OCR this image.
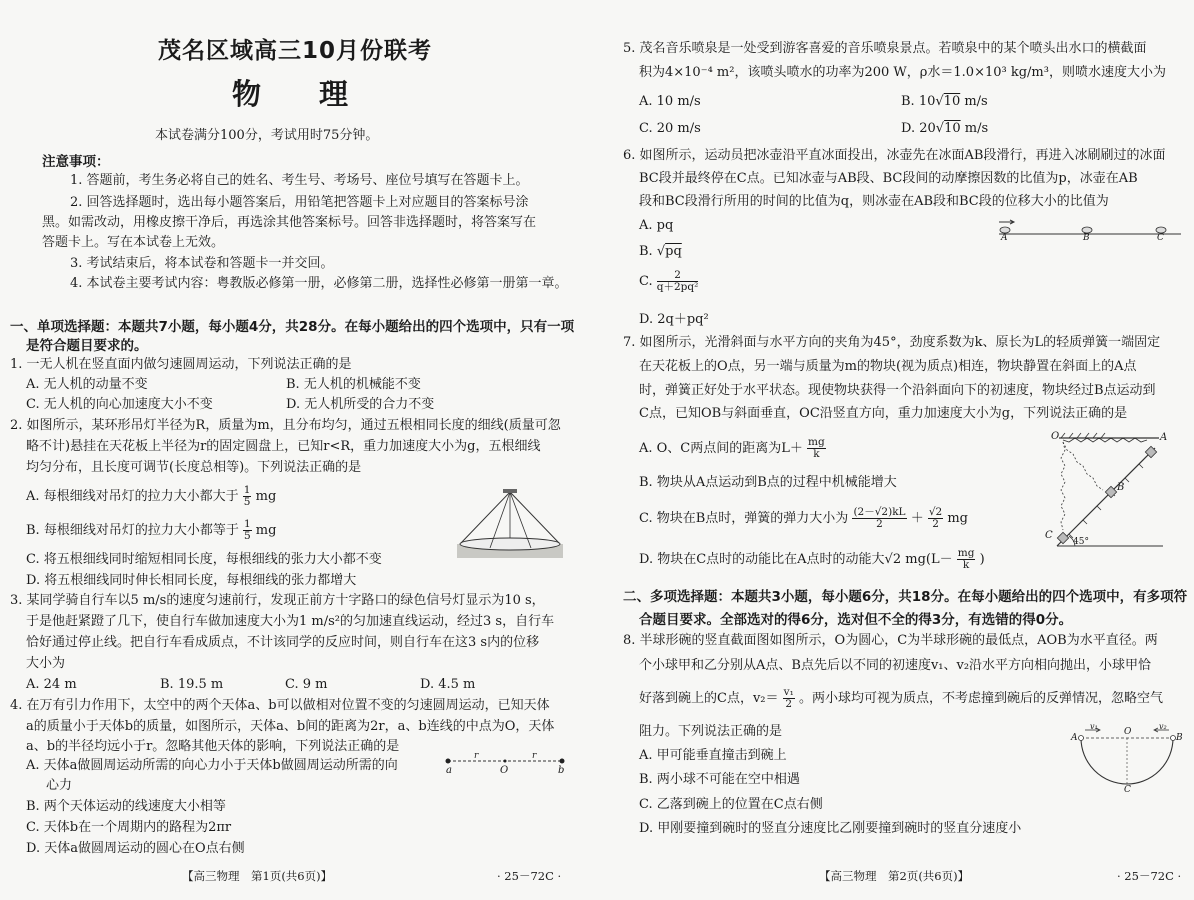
茂名区域高三10月份联考
物　　理
本试卷满分100分，考试用时75分钟。
注意事项：
1. 答题前，考生务必将自己的姓名、考生号、考场号、座位号填写在答题卡上。
2. 回答选择题时，选出每小题答案后，用铅笔把答题卡上对应题目的答案标号涂
黑。如需改动，用橡皮擦干净后，再选涂其他答案标号。回答非选择题时，将答案写在
答题卡上。写在本试卷上无效。
3. 考试结束后，将本试卷和答题卡一并交回。
4. 本试卷主要考试内容：粤教版必修第一册，必修第二册，选择性必修第一册第一章。
一、单项选择题：本题共7小题，每小题4分，共28分。在每小题给出的四个选项中，只有一项
是符合题目要求的。
1. 一无人机在竖直面内做匀速圆周运动，下列说法正确的是
A. 无人机的动量不变	B. 无人机的机械能不变
C. 无人机的向心加速度大小不变	D. 无人机所受的合力不变
2. 如图所示，某环形吊灯半径为R，质量为m，且分布均匀，通过五根相同长度的细线(质量可忽
略不计)悬挂在天花板上半径为r的固定圆盘上，已知r<R，重力加速度大小为g，五根细线
均匀分布，且长度可调节(长度总相等)。下列说法正确的是
A. 每根细线对吊灯的拉力大小都大于 $\frac{1}{5}$ mg
B. 每根细线对吊灯的拉力大小都等于 $\frac{1}{5}$ mg
C. 将五根细线同时缩短相同长度，每根细线的张力大小都不变
D. 将五根细线同时伸长相同长度，每根细线的张力都增大
3. 某同学骑自行车以5 m/s的速度匀速前行，发现正前方十字路口的绿色信号灯显示为10 s，
于是他赶紧蹬了几下，使自行车做加速度大小为1 m/s²的匀加速直线运动，经过3 s，自行车
恰好通过停止线。把自行车看成质点，不计该同学的反应时间，则自行车在这3 s内的位移
大小为
A. 24 m	B. 19.5 m	C. 9 m	D. 4.5 m
4. 在万有引力作用下，太空中的两个天体a、b可以做相对位置不变的匀速圆周运动，已知天体
a的质量小于天体b的质量，如图所示，天体a、b间的距离为2r，a、b连线的中点为O，天体
a、b的半径均远小于r。忽略其他天体的影响，下列说法正确的是
A. 天体a做圆周运动所需的向心力小于天体b做圆周运动所需的向
心力
B. 两个天体运动的线速度大小相等
C. 天体b在一个周期内的路程为2πr
D. 天体a做圆周运动的圆心在O点右侧
a	O	b
r	r
【高三物理　第1页(共6页)】	· 25－72C ·
5. 茂名音乐喷泉是一处受到游客喜爱的音乐喷泉景点。若喷泉中的某个喷头出水口的横截面
积为4×10⁻⁴ m²，该喷头喷水的功率为200 W，ρ水＝1.0×10³ kg/m³，则喷水速度大小为
A. 10 m/s	B. 10√10 m/s
C. 20 m/s	D. 20√10 m/s
6. 如图所示，运动员把冰壶沿平直冰面投出，冰壶先在冰面AB段滑行，再进入冰刷刷过的冰面
BC段并最终停在C点。已知冰壶与AB段、BC段间的动摩擦因数的比值为p，冰壶在AB
段和BC段滑行所用的时间的比值为q，则冰壶在AB段和BC段的位移大小的比值为
A. pq
B. √pq
C. $\frac{2}{\text{q＋2pq²}}$
D. 2q＋pq²
A	B	C
7. 如图所示，光滑斜面与水平方向的夹角为45°，劲度系数为k、原长为L的轻质弹簧一端固定
在天花板上的O点，另一端与质量为m的物块(视为质点)相连，物块静置在斜面上的A点
时，弹簧正好处于水平状态。现使物块获得一个沿斜面向下的初速度，物块经过B点运动到
C点，已知OB与斜面垂直，OC沿竖直方向，重力加速度大小为g，下列说法正确的是
A. O、C两点间的距离为$L+ \frac{mg}{k}$
B. 物块从A点运动到B点的过程中机械能增大
C. 物块在B点时，弹簧的弹力大小为 $\frac{(2-√2)kL}{2} + \frac{√2}{2}$ mg
D. 物块在C点时的动能比在A点时的动能大√2 $mg(L- \frac{mg}{k}$ )
O	A
B
C
45°
二、多项选择题：本题共3小题，每小题6分，共18分。在每小题给出的四个选项中，有多项符
合题目要求。全部选对的得6分，选对但不全的得3分，有选错的得0分。
8. 半球形碗的竖直截面图如图所示，O为圆心，C为半球形碗的最低点，AOB为水平直径。两
个小球甲和乙分别从A点、B点先后以不同的初速度v₁、v₂沿水平方向相向抛出，小球甲恰
好落到碗上的C点，$v_2= \frac{\text{v₁}}{2}$ 。两小球均可视为质点，不考虑撞到碗后的反弹情况，忽略空气
阻力。下列说法正确的是
A. 甲可能垂直撞击到碗上
B. 两小球不可能在空中相遇
C. 乙落到碗上的位置在C点右侧
D. 甲刚要撞到碗时的竖直分速度比乙刚要撞到碗时的竖直分速度小
A	B
O
C
v₁	v₂
【高三物理　第2页(共6页)】	· 25－72C ·
